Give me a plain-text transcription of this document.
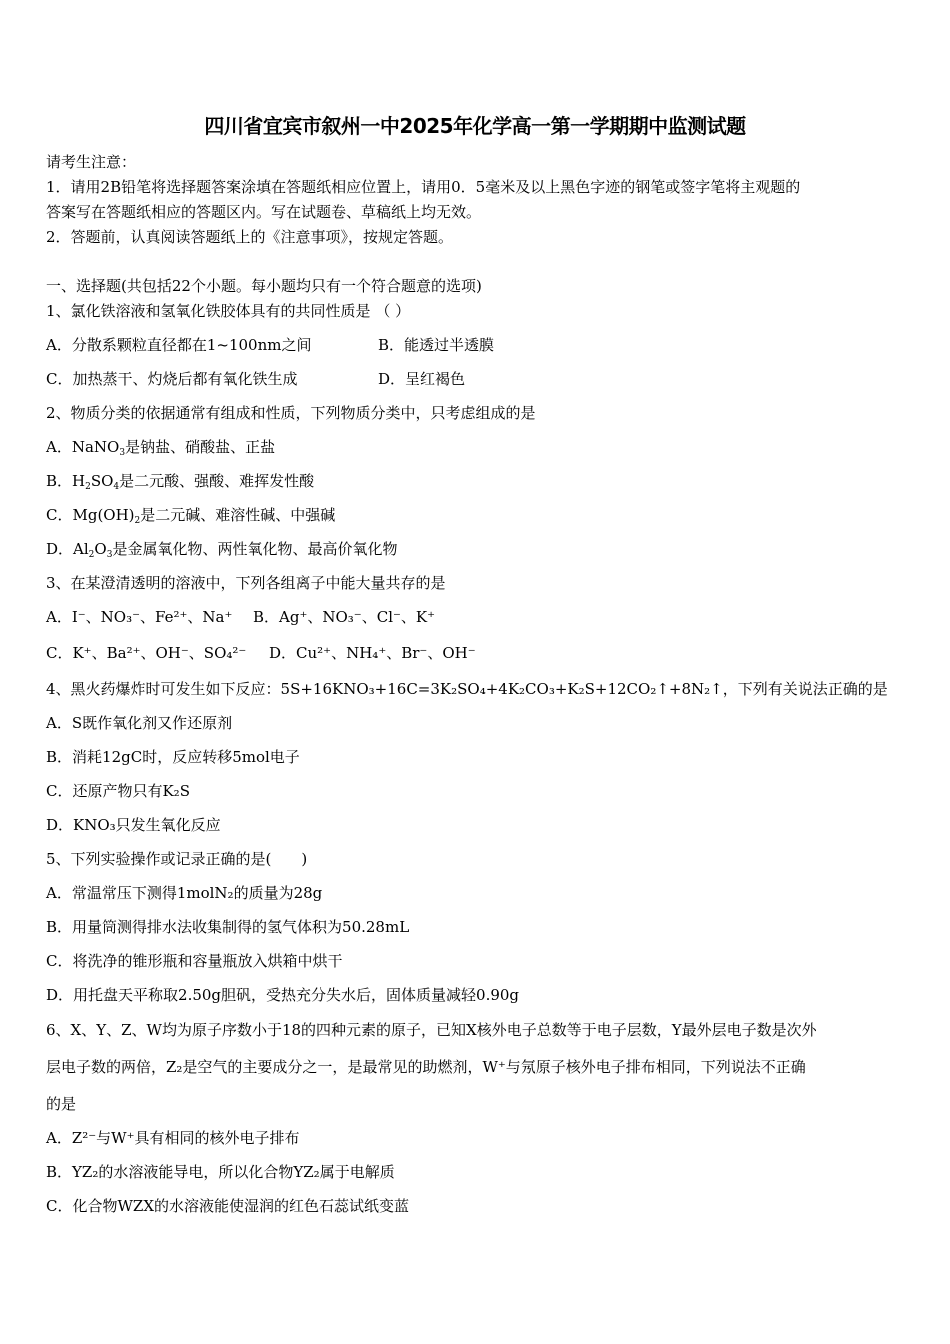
四川省宜宾市叙州一中2025年化学高一第一学期期中监测试题
请考生注意：
1．请用2B铅笔将选择题答案涂填在答题纸相应位置上，请用0．5毫米及以上黑色字迹的钢笔或签字笔将主观题的
答案写在答题纸相应的答题区内。写在试题卷、草稿纸上均无效。
2．答题前，认真阅读答题纸上的《注意事项》，按规定答题。
一、选择题(共包括22个小题。每小题均只有一个符合题意的选项)
1、氯化铁溶液和氢氧化铁胶体具有的共同性质是 （ ）
A．分散系颗粒直径都在1~100nm之间	B．能透过半透膜
C．加热蒸干、灼烧后都有氧化铁生成	D．呈红褐色
2、物质分类的依据通常有组成和性质，下列物质分类中，只考虑组成的是
A．NaNO$_3$是钠盐、硝酸盐、正盐
B．$H_2SO_4$是二元酸、强酸、难挥发性酸
C．$Mg(OH)_2$是二元碱、难溶性碱、中强碱
D．$Al_2O_3$是金属氧化物、两性氧化物、最高价氧化物
3、在某澄清透明的溶液中，下列各组离子中能大量共存的是
A．I⁻、NO₃⁻、Fe²⁺、Na⁺ B．Ag⁺、NO₃⁻、Cl⁻、K⁺
C．K⁺、Ba²⁺、OH⁻、SO₄²⁻ D．Cu²⁺、NH₄⁺、Br⁻、OH⁻
4、黑火药爆炸时可发生如下反应：5S+16KNO₃+16C=3K₂SO₄+4K₂CO₃+K₂S+12CO₂↑+8N₂↑，下列有关说法正确的是
A．S既作氧化剂又作还原剂
B．消耗12gC时，反应转移5mol电子
C．还原产物只有K₂S
D．KNO₃只发生氧化反应
5、下列实验操作或记录正确的是(　　)
A．常温常压下测得1molN₂的质量为28g
B．用量筒测得排水法收集制得的氢气体积为50.28mL
C．将洗净的锥形瓶和容量瓶放入烘箱中烘干
D．用托盘天平称取2.50g胆矾，受热充分失水后，固体质量减轻0.90g
6、X、Y、Z、W均为原子序数小于18的四种元素的原子，已知X核外电子总数等于电子层数，Y最外层电子数是次外
层电子数的两倍，Z₂是空气的主要成分之一，是最常见的助燃剂，W⁺与氖原子核外电子排布相同，下列说法不正确
的是
A．Z²⁻与W⁺具有相同的核外电子排布
B．YZ₂的水溶液能导电，所以化合物YZ₂属于电解质
C．化合物WZX的水溶液能使湿润的红色石蕊试纸变蓝
